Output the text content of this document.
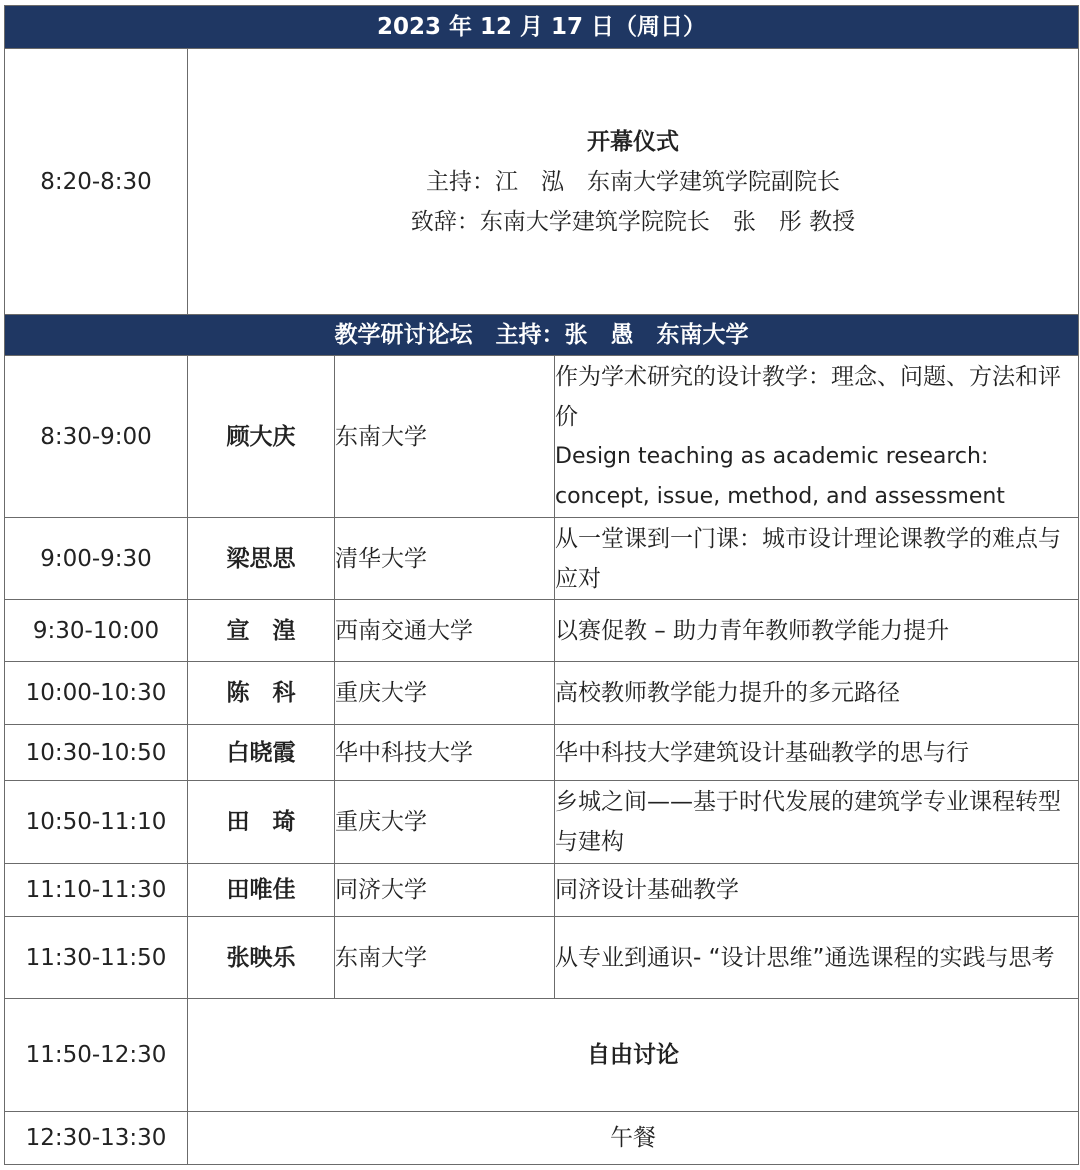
2023 年 12 月 17 日（周日）			
8:20-8:30	开幕仪式
主持：江　泓　东南大学建筑学院副院长
致辞：东南大学建筑学院院长　张　彤 教授		

教学研讨论坛　主持：张　愚　东南大学			
8:30-9:00	顾大庆	东南大学	作为学术研究的设计教学：理念、问题、方法和评价
Design teaching as academic research: concept, issue, method, and assessment

9:00-9:30	梁思思	清华大学	从一堂课到一门课：城市设计理论课教学的难点与应对
9:30-10:00	宣　湟	西南交通大学	以赛促教 – 助力青年教师教学能力提升
10:00-10:30	陈　科	重庆大学	高校教师教学能力提升的多元路径
10:30-10:50	白晓霞	华中科技大学	华中科技大学建筑设计基础教学的思与行
10:50-11:10	田　琦	重庆大学	乡城之间——基于时代发展的建筑学专业课程转型与建构
11:10-11:30	田唯佳	同济大学	同济设计基础教学
11:30-11:50	张映乐	东南大学	从专业到通识- “设计思维”通选课程的实践与思考
11:50-12:30	自由讨论		
12:30-13:30	午餐		
